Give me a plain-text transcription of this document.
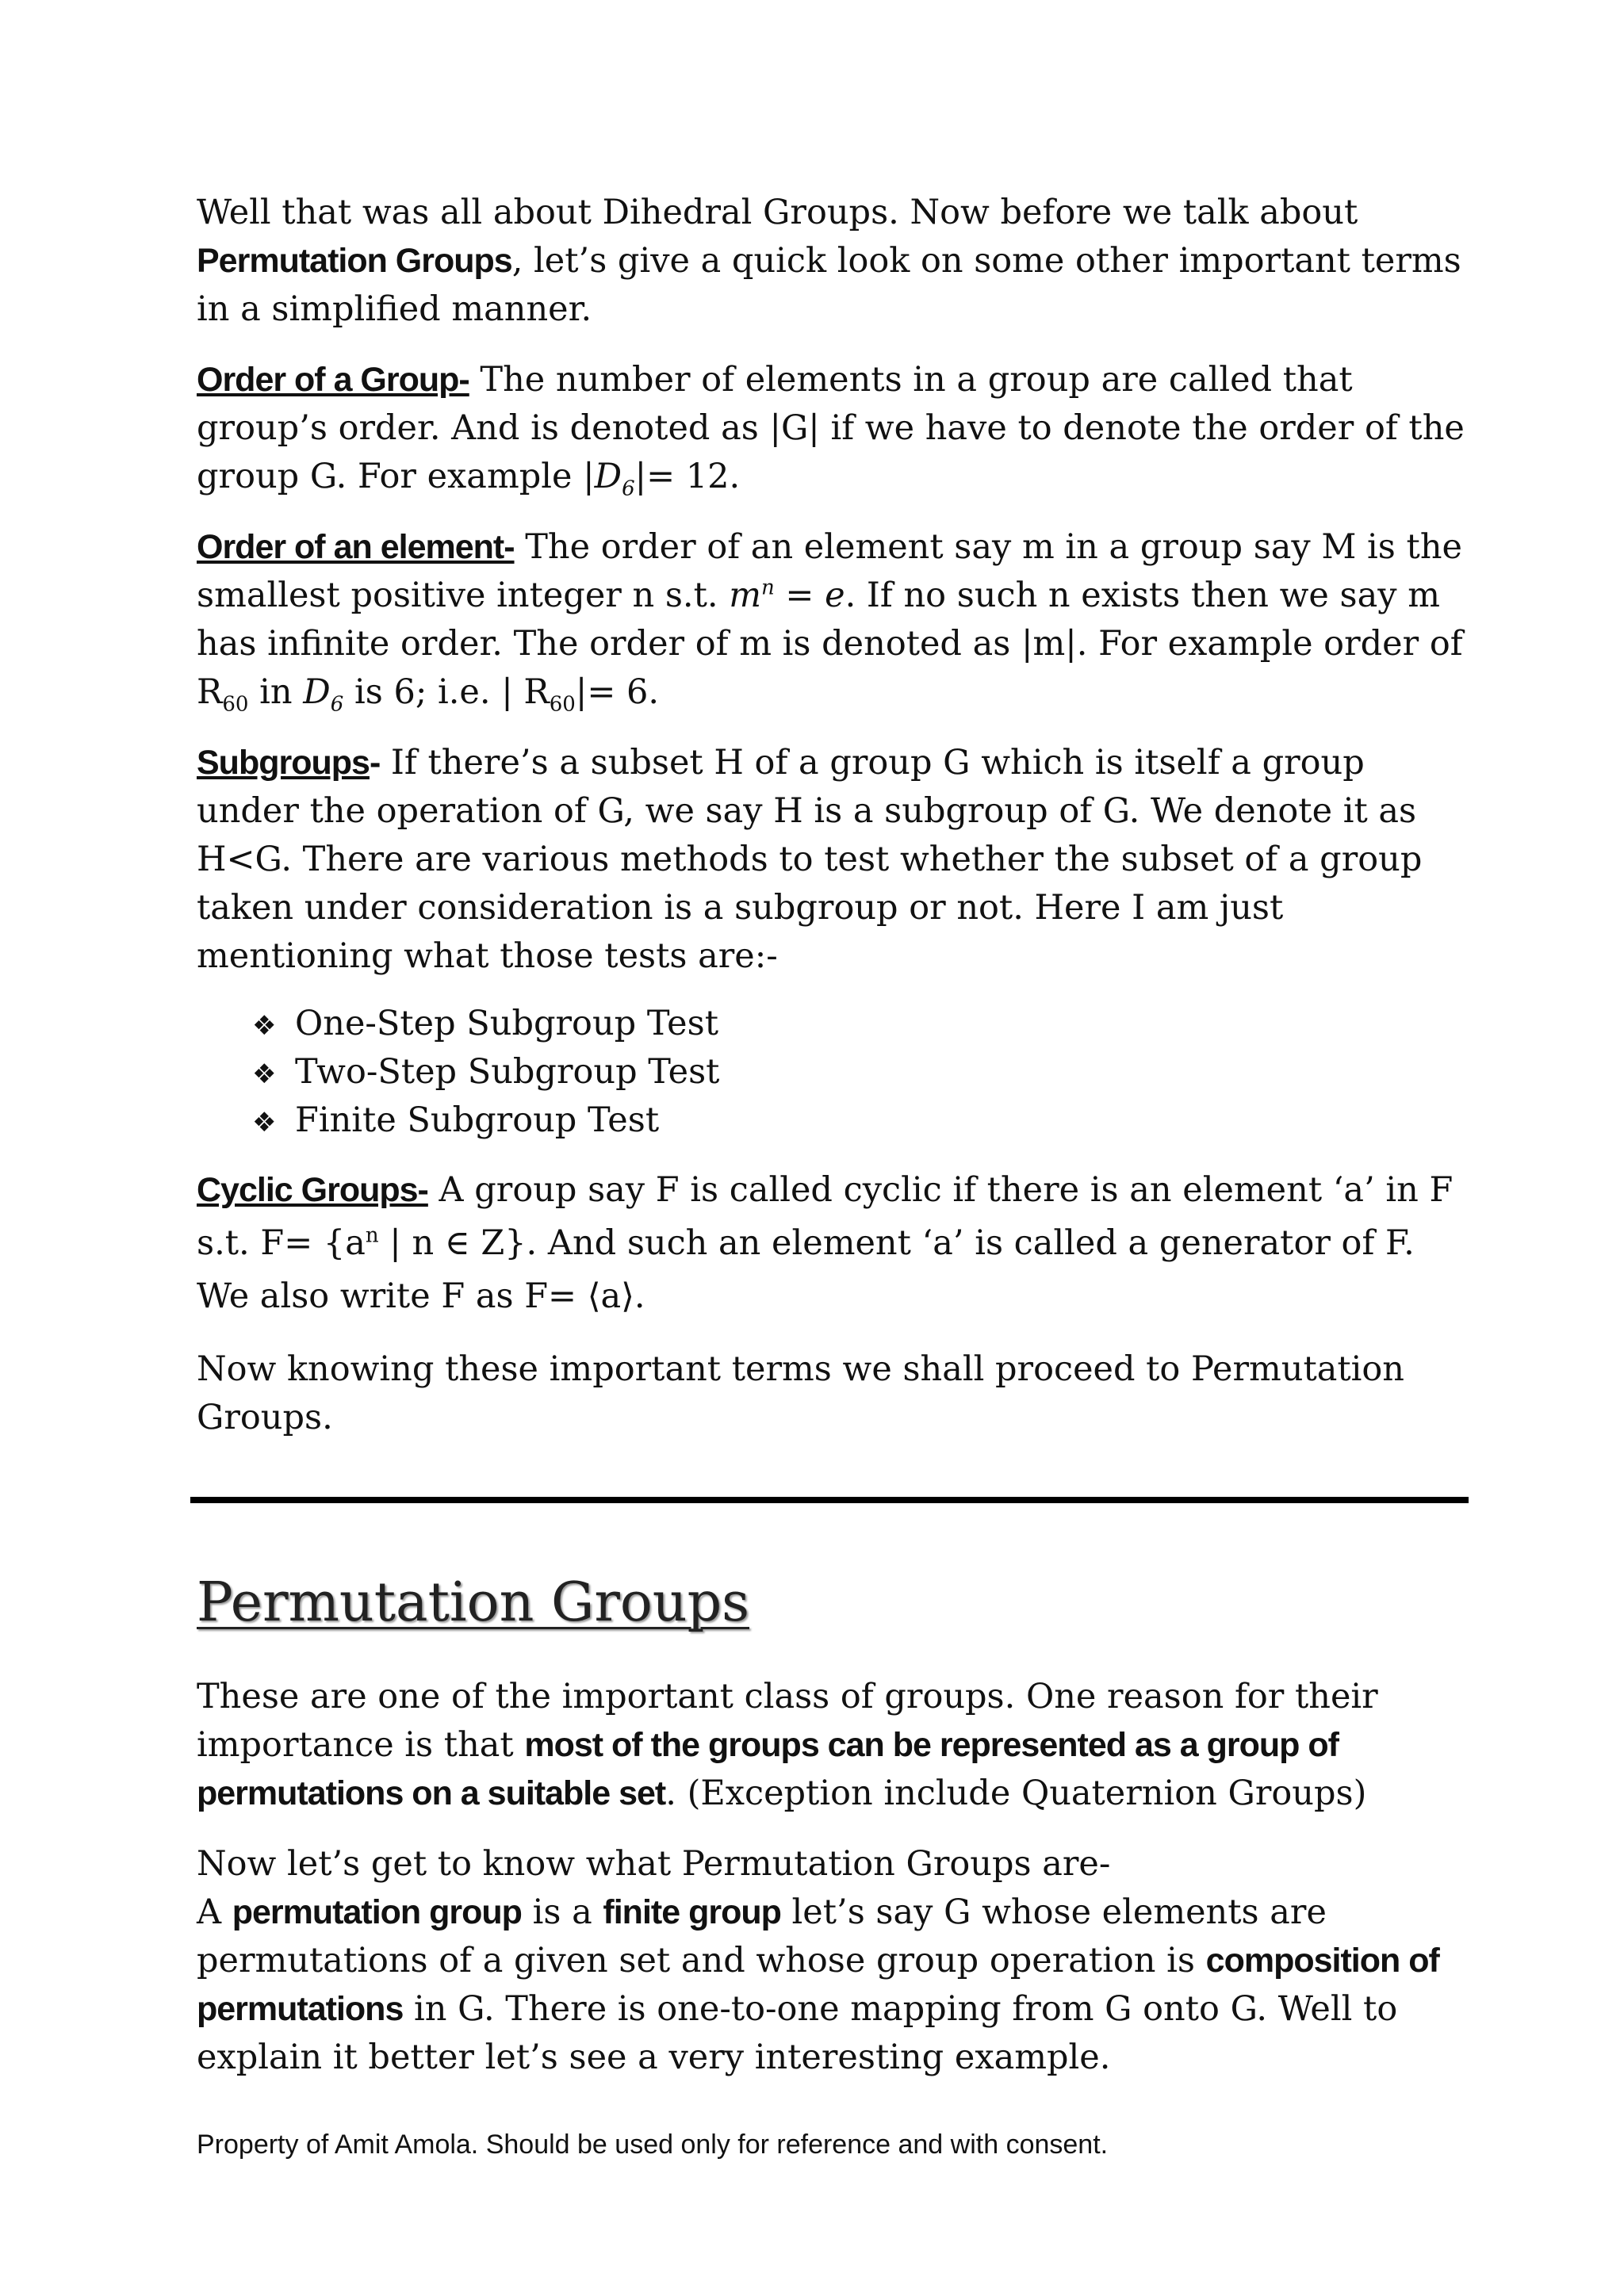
Well that was all about Dihedral Groups. Now before we talk about Permutation Groups, let’s give a quick look on some other important terms in a simplified manner.

Order of a Group- The number of elements in a group are called that group’s order. And is denoted as |G| if we have to denote the order of the group G. For example $|D_6|= 12$.

Order of an element- The order of an element say m in a group say M is the smallest positive integer n s.t. $m^n = e$. If no such n exists then we say m has infinite order. The order of m is denoted as |m|. For example order of $R_{60}$ in $D_6$ is 6; i.e. | $R_{60}|= 6$.

Subgroups- If there’s a subset H of a group G which is itself a group under the operation of G, we say H is a subgroup of G. We denote it as H<G. There are various methods to test whether the subset of a group taken under consideration is a subgroup or not. Here I am just mentioning what those tests are:-

❖ One-Step Subgroup Test
❖ Two-Step Subgroup Test
❖ Finite Subgroup Test

Cyclic Groups- A group say F is called cyclic if there is an element ‘a’ in F s.t. $F= \{a^n$ | n ∈ Z}. And such an element ‘a’ is called a generator of F. We also write F as F= ⟨a⟩.

Now knowing these important terms we shall proceed to Permutation Groups.

Permutation Groups

These are one of the important class of groups. One reason for their importance is that most of the groups can be represented as a group of permutations on a suitable set. (Exception include Quaternion Groups)

Now let’s get to know what Permutation Groups are-
A permutation group is a finite group let’s say G whose elements are permutations of a given set and whose group operation is composition of permutations in G. There is one-to-one mapping from G onto G. Well to explain it better let’s see a very interesting example.

Property of Amit Amola. Should be used only for reference and with consent.
